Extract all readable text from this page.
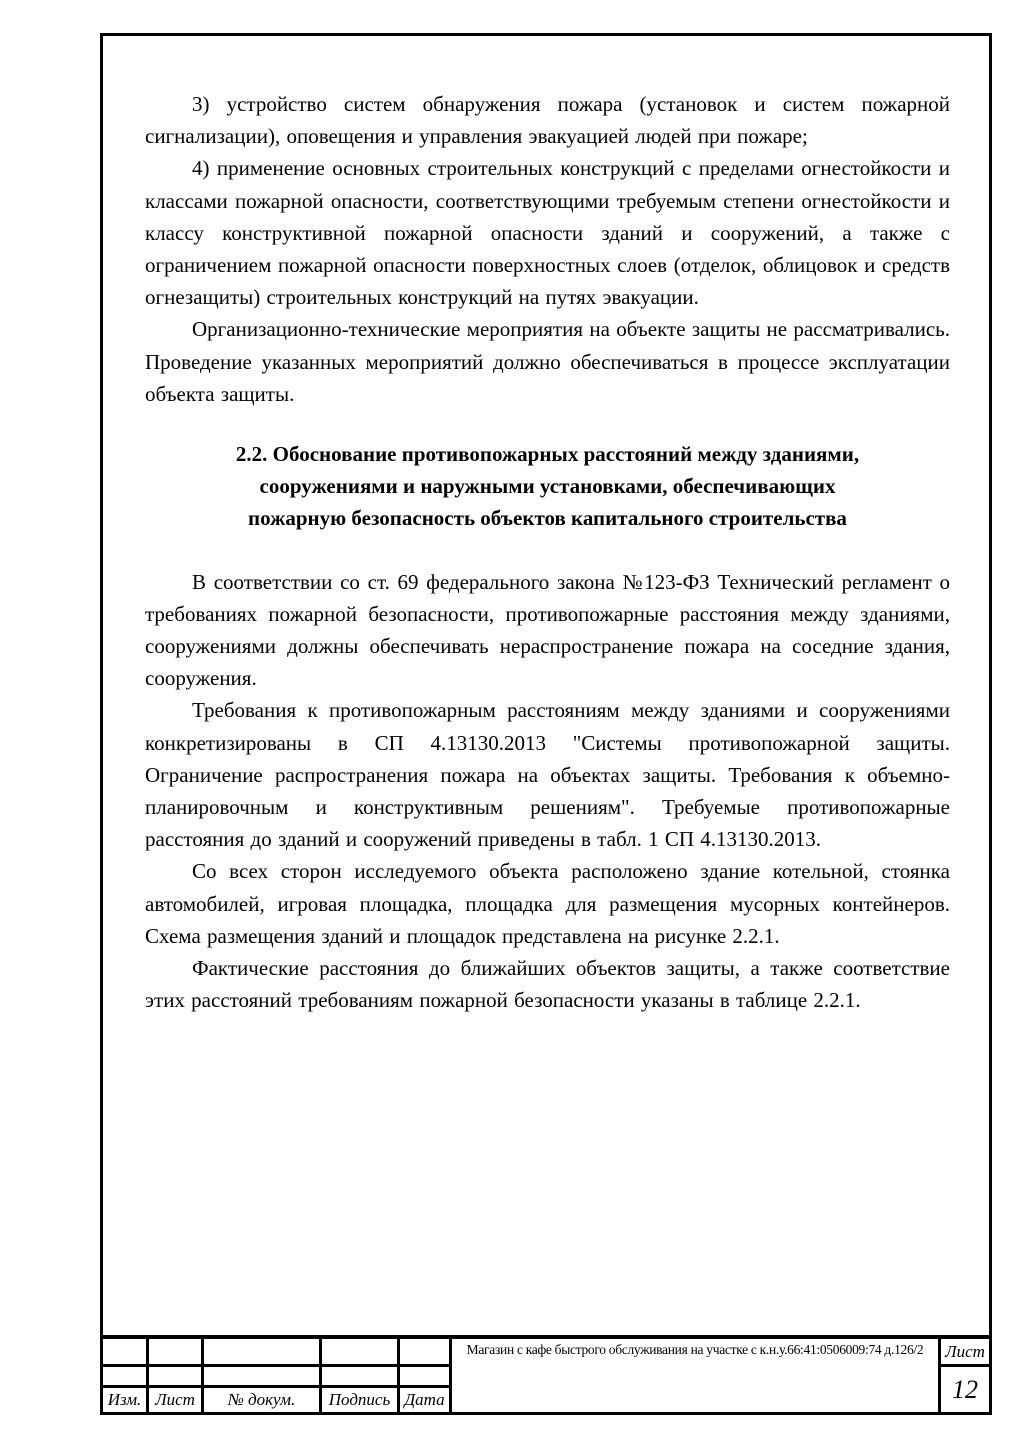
3) устройство систем обнаружения пожара (установок и систем пожарной сигнализации), оповещения и управления эвакуацией людей при пожаре;

4) применение основных строительных конструкций с пределами огнестойкости и классами пожарной опасности, соответствующими требуемым степени огнестойкости и классу конструктивной пожарной опасности зданий и сооружений, а также с ограничением пожарной опасности поверхностных слоев (отделок, облицовок и средств огнезащиты) строительных конструкций на путях эвакуации.

Организационно-технические мероприятия на объекте защиты не рассматривались. Проведение указанных мероприятий должно обеспечиваться в процессе эксплуатации объекта защиты.

2.2. Обоснование противопожарных расстояний между зданиями,
сооружениями и наружными установками, обеспечивающих
пожарную безопасность объектов капитального строительства

В соответствии со ст. 69 федерального закона №123-ФЗ Технический регламент о требованиях пожарной безопасности, противопожарные расстояния между зданиями, сооружениями должны обеспечивать нераспространение пожара на соседние здания, сооружения.

Требования к противопожарным расстояниям между зданиями и сооружениями конкретизированы в СП 4.13130.2013 "Системы противопожарной защиты. Ограничение распространения пожара на объектах защиты. Требования к объемно-планировочным и конструктивным решениям". Требуемые противопожарные расстояния до зданий и сооружений приведены в табл. 1 СП 4.13130.2013.

Со всех сторон исследуемого объекта расположено здание котельной, стоянка автомобилей, игровая площадка, площадка для размещения мусорных контейнеров. Схема размещения зданий и площадок представлена на рисунке 2.2.1.

Фактические расстояния до ближайших объектов защиты, а также соответствие этих расстояний требованиям пожарной безопасности указаны в таблице 2.2.1.

Изм. Лист № докум. Подпись Дата
Магазин с кафе быстрого обслуживания на участке с к.н.у.66:41:0506009:74 д.126/2 Лист
12
